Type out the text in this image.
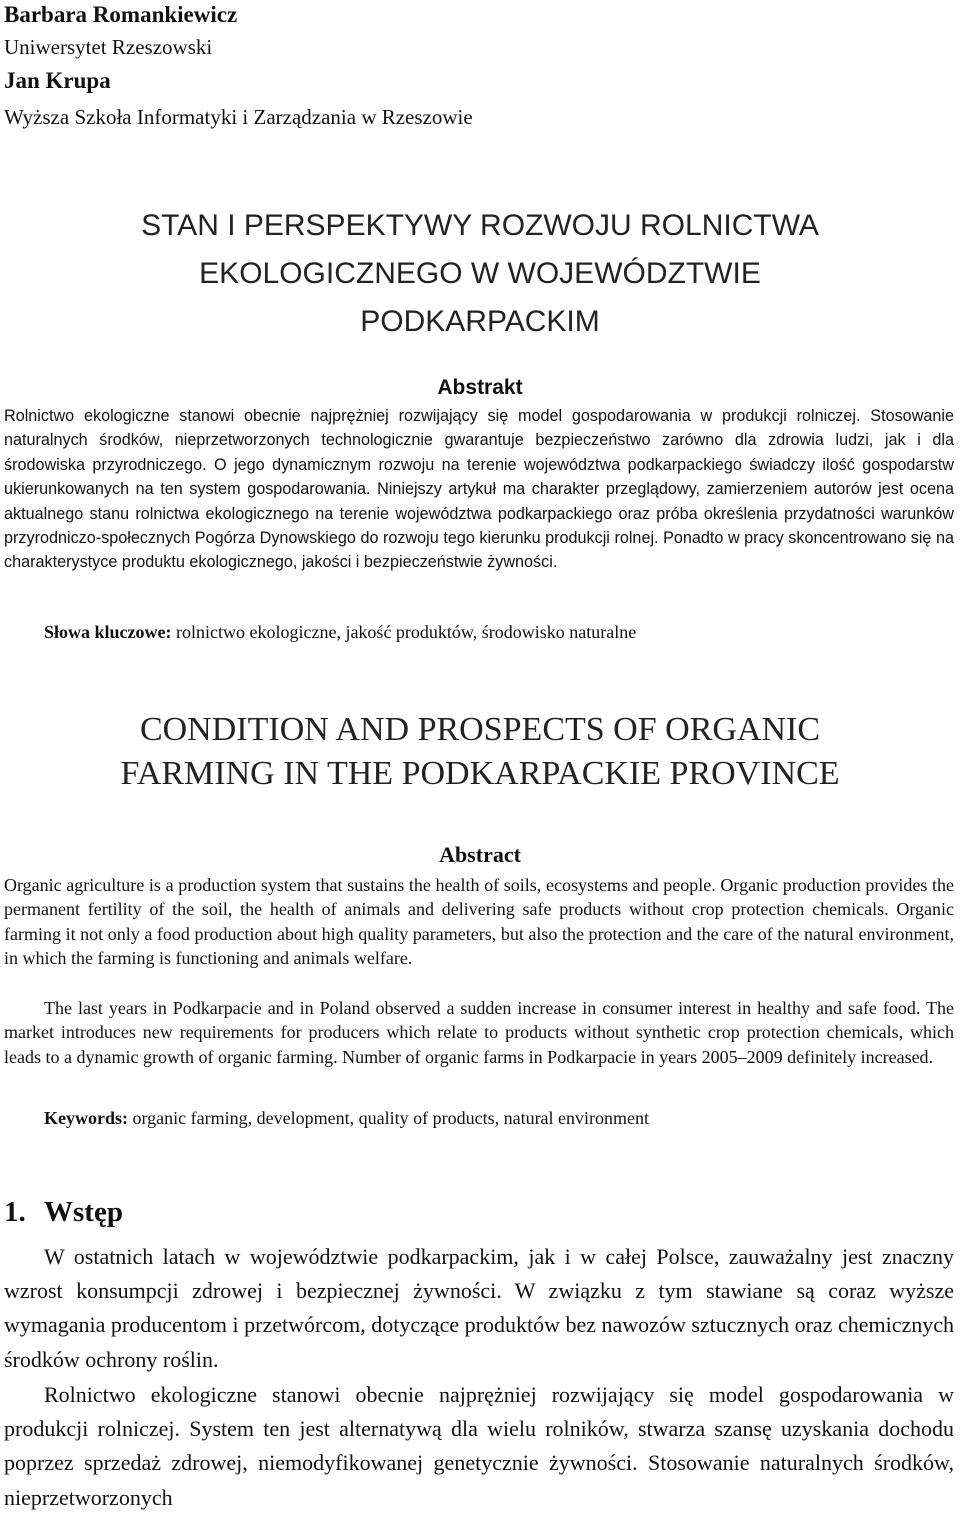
Barbara Romankiewicz
Uniwersytet Rzeszowski
Jan Krupa
Wyższa Szkoła Informatyki i Zarządzania w Rzeszowie
STAN I PERSPEKTYWY ROZWOJU ROLNICTWA
EKOLOGICZNEGO W WOJEWÓDZTWIE
PODKARPACKIM
Abstrakt
Rolnictwo ekologiczne stanowi obecnie najprężniej rozwijający się model gospodarowania w produkcji rolniczej. Stosowanie naturalnych środków, nieprzetworzonych technologicznie gwarantuje bezpieczeństwo zarówno dla zdrowia ludzi, jak i dla środowiska przyrodniczego. O jego dynamicznym rozwoju na terenie województwa podkarpackiego świadczy ilość gospodarstw ukierunkowanych na ten system gospodarowania. Niniejszy artykuł ma charakter przeglądowy, zamierzeniem autorów jest ocena aktualnego stanu rolnictwa ekologicznego na terenie województwa podkarpackiego oraz próba określenia przydatności warunków przyrodniczo-społecznych Pogórza Dynowskiego do rozwoju tego kierunku produkcji rolnej. Ponadto w pracy skoncentrowano się na charakterystyce produktu ekologicznego, jakości i bezpieczeństwie żywności.
Słowa kluczowe: rolnictwo ekologiczne, jakość produktów, środowisko naturalne
CONDITION AND PROSPECTS OF ORGANIC
FARMING IN THE PODKARPACKIE PROVINCE
Abstract
Organic agriculture is a production system that sustains the health of soils, ecosystems and people. Organic production provides the permanent fertility of the soil, the health of animals and delivering safe products without crop protection chemicals. Organic farming it not only a food production about high quality parameters, but also the protection and the care of the natural environment, in which the farming is functioning and animals welfare.
The last years in Podkarpacie and in Poland observed a sudden increase in consumer interest in healthy and safe food. The market introduces new requirements for producers which relate to products without synthetic crop protection chemicals, which leads to a dynamic growth of organic farming. Number of organic farms in Podkarpacie in years 2005–2009 definitely increased.
Keywords: organic farming, development, quality of products, natural environment
1. Wstęp
W ostatnich latach w województwie podkarpackim, jak i w całej Polsce, zauważalny jest znaczny wzrost konsumpcji zdrowej i bezpiecznej żywności. W związku z tym stawiane są coraz wyższe wymagania producentom i przetwórcom, dotyczące produktów bez nawozów sztucznych oraz chemicznych środków ochrony roślin.
Rolnictwo ekologiczne stanowi obecnie najprężniej rozwijający się model gospodarowania w produkcji rolniczej. System ten jest alternatywą dla wielu rolników, stwarza szansę uzyskania dochodu poprzez sprzedaż zdrowej, niemodyfikowanej genetycznie żywności. Stosowanie naturalnych środków, nieprzetworzonych
